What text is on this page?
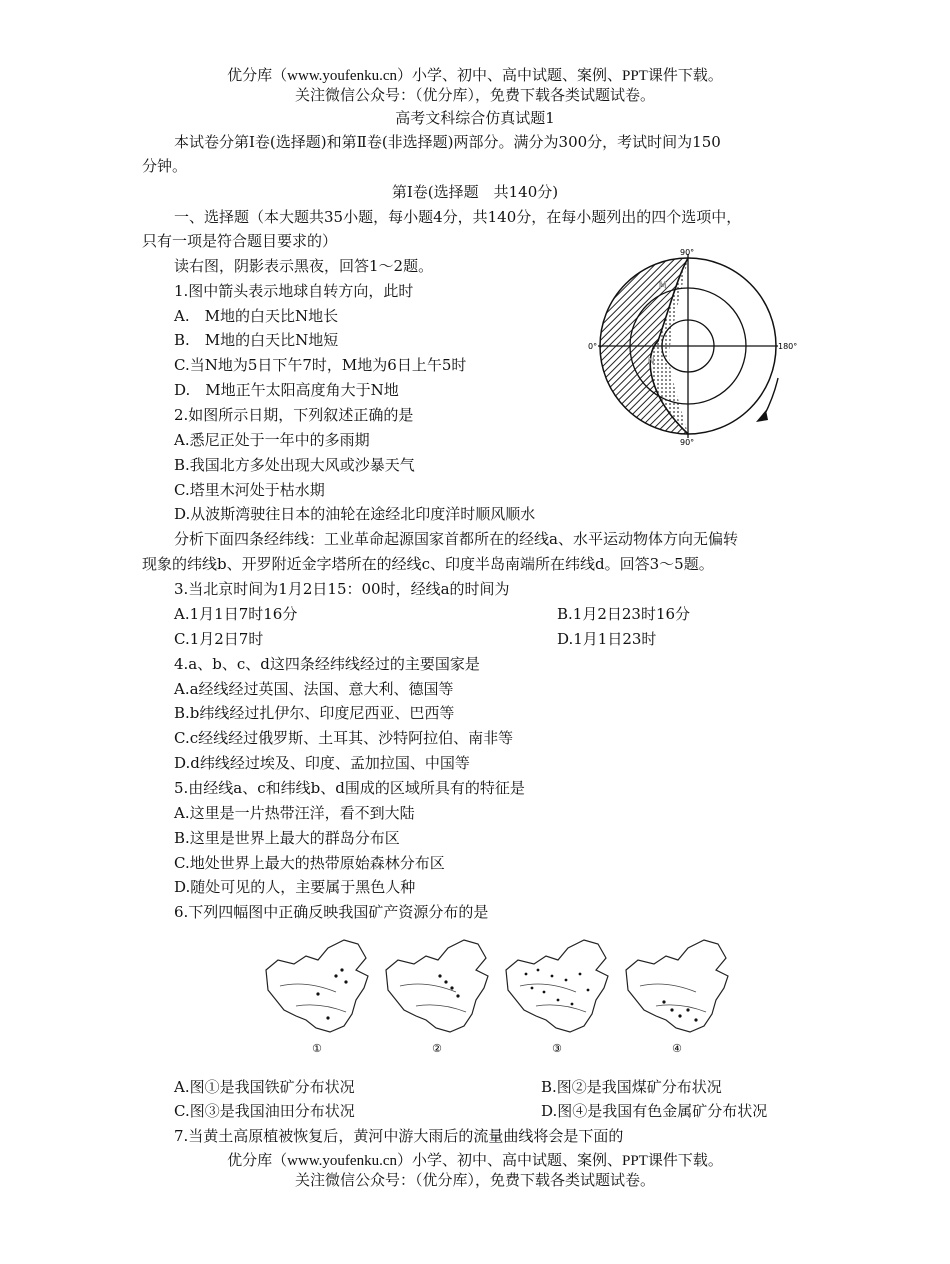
优分库（www.youfenku.cn）小学、初中、高中试题、案例、PPT课件下载。
关注微信公众号：（优分库），免费下载各类试题试卷。
高考文科综合仿真试题1
本试卷分第Ⅰ卷(选择题)和第Ⅱ卷(非选择题)两部分。满分为300分，考试时间为150
分钟。
第Ⅰ卷(选择题　共140分)
一、选择题（本大题共35小题，每小题4分，共140分，在每小题列出的四个选项中，
只有一项是符合题目要求的）
读右图，阴影表示黑夜，回答1～2题。
1.图中箭头表示地球自转方向，此时
A.　M地的白天比N地长
B.　M地的白天比N地短
C.当N地为5日下午7时，M地为6日上午5时
D.　M地正午太阳高度角大于N地
2.如图所示日期，下列叙述正确的是
A.悉尼正处于一年中的多雨期
B.我国北方多处出现大风或沙暴天气
C.塔里木河处于枯水期
D.从波斯湾驶往日本的油轮在途经北印度洋时顺风顺水
90°
90°
0°	180°
M
N
分析下面四条经纬线：工业革命起源国家首都所在的经线a、水平运动物体方向无偏转
现象的纬线b、开罗附近金字塔所在的经线c、印度半岛南端所在纬线d。回答3～5题。
3.当北京时间为1月2日15：00时，经线a的时间为
A.1月1日7时16分	B.1月2日23时16分
C.1月2日7时	D.1月1日23时
4.a、b、c、d这四条经纬线经过的主要国家是
A.a经线经过英国、法国、意大利、德国等
B.b纬线经过扎伊尔、印度尼西亚、巴西等
C.c经线经过俄罗斯、土耳其、沙特阿拉伯、南非等
D.d纬线经过埃及、印度、孟加拉国、中国等
5.由经线a、c和纬线b、d围成的区域所具有的特征是
A.这里是一片热带汪洋，看不到大陆
B.这里是世界上最大的群岛分布区
C.地处世界上最大的热带原始森林分布区
D.随处可见的人，主要属于黑色人种
6.下列四幅图中正确反映我国矿产资源分布的是
①	②	③	④
A.图①是我国铁矿分布状况	B.图②是我国煤矿分布状况
C.图③是我国油田分布状况	D.图④是我国有色金属矿分布状况
7.当黄土高原植被恢复后，黄河中游大雨后的流量曲线将会是下面的
优分库（www.youfenku.cn）小学、初中、高中试题、案例、PPT课件下载。
关注微信公众号：（优分库），免费下载各类试题试卷。
